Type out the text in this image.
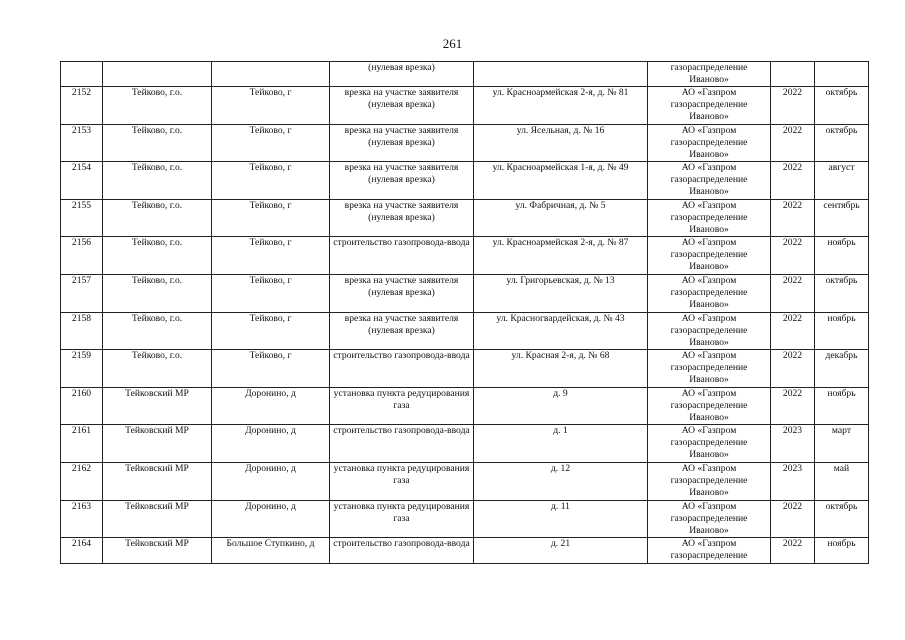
261
			(нулевая врезка)		газораспределение Иваново»		
2152	Тейково, г.о.	Тейково, г	врезка на участке заявителя (нулевая врезка)	ул. Красноармейская 2-я, д. № 81	АО «Газпром газораспределение Иваново»	2022	октябрь
2153	Тейково, г.о.	Тейково, г	врезка на участке заявителя (нулевая врезка)	ул. Ясельная, д. № 16	АО «Газпром газораспределение Иваново»	2022	октябрь
2154	Тейково, г.о.	Тейково, г	врезка на участке заявителя (нулевая врезка)	ул. Красноармейская 1-я, д. № 49	АО «Газпром газораспределение Иваново»	2022	август
2155	Тейково, г.о.	Тейково, г	врезка на участке заявителя (нулевая врезка)	ул. Фабричная, д. № 5	АО «Газпром газораспределение Иваново»	2022	сентябрь
2156	Тейково, г.о.	Тейково, г	строительство газопровода-ввода	ул. Красноармейская 2-я, д. № 87	АО «Газпром газораспределение Иваново»	2022	ноябрь
2157	Тейково, г.о.	Тейково, г	врезка на участке заявителя (нулевая врезка)	ул. Григорьевская, д. № 13	АО «Газпром газораспределение Иваново»	2022	октябрь
2158	Тейково, г.о.	Тейково, г	врезка на участке заявителя (нулевая врезка)	ул. Красногвардейская, д. № 43	АО «Газпром газораспределение Иваново»	2022	ноябрь
2159	Тейково, г.о.	Тейково, г	строительство газопровода-ввода	ул. Красная 2-я, д. № 68	АО «Газпром газораспределение Иваново»	2022	декабрь
2160	Тейковский МР	Доронино, д	установка пункта редуцирования газа	д. 9	АО «Газпром газораспределение Иваново»	2022	ноябрь
2161	Тейковский МР	Доронино, д	строительство газопровода-ввода	д. 1	АО «Газпром газораспределение Иваново»	2023	март
2162	Тейковский МР	Доронино, д	установка пункта редуцирования газа	д. 12	АО «Газпром газораспределение Иваново»	2023	май
2163	Тейковский МР	Доронино, д	установка пункта редуцирования газа	д. 11	АО «Газпром газораспределение Иваново»	2022	октябрь
2164	Тейковский МР	Большое Ступкино, д	строительство газопровода-ввода	д. 21	АО «Газпром газораспределение	2022	ноябрь
